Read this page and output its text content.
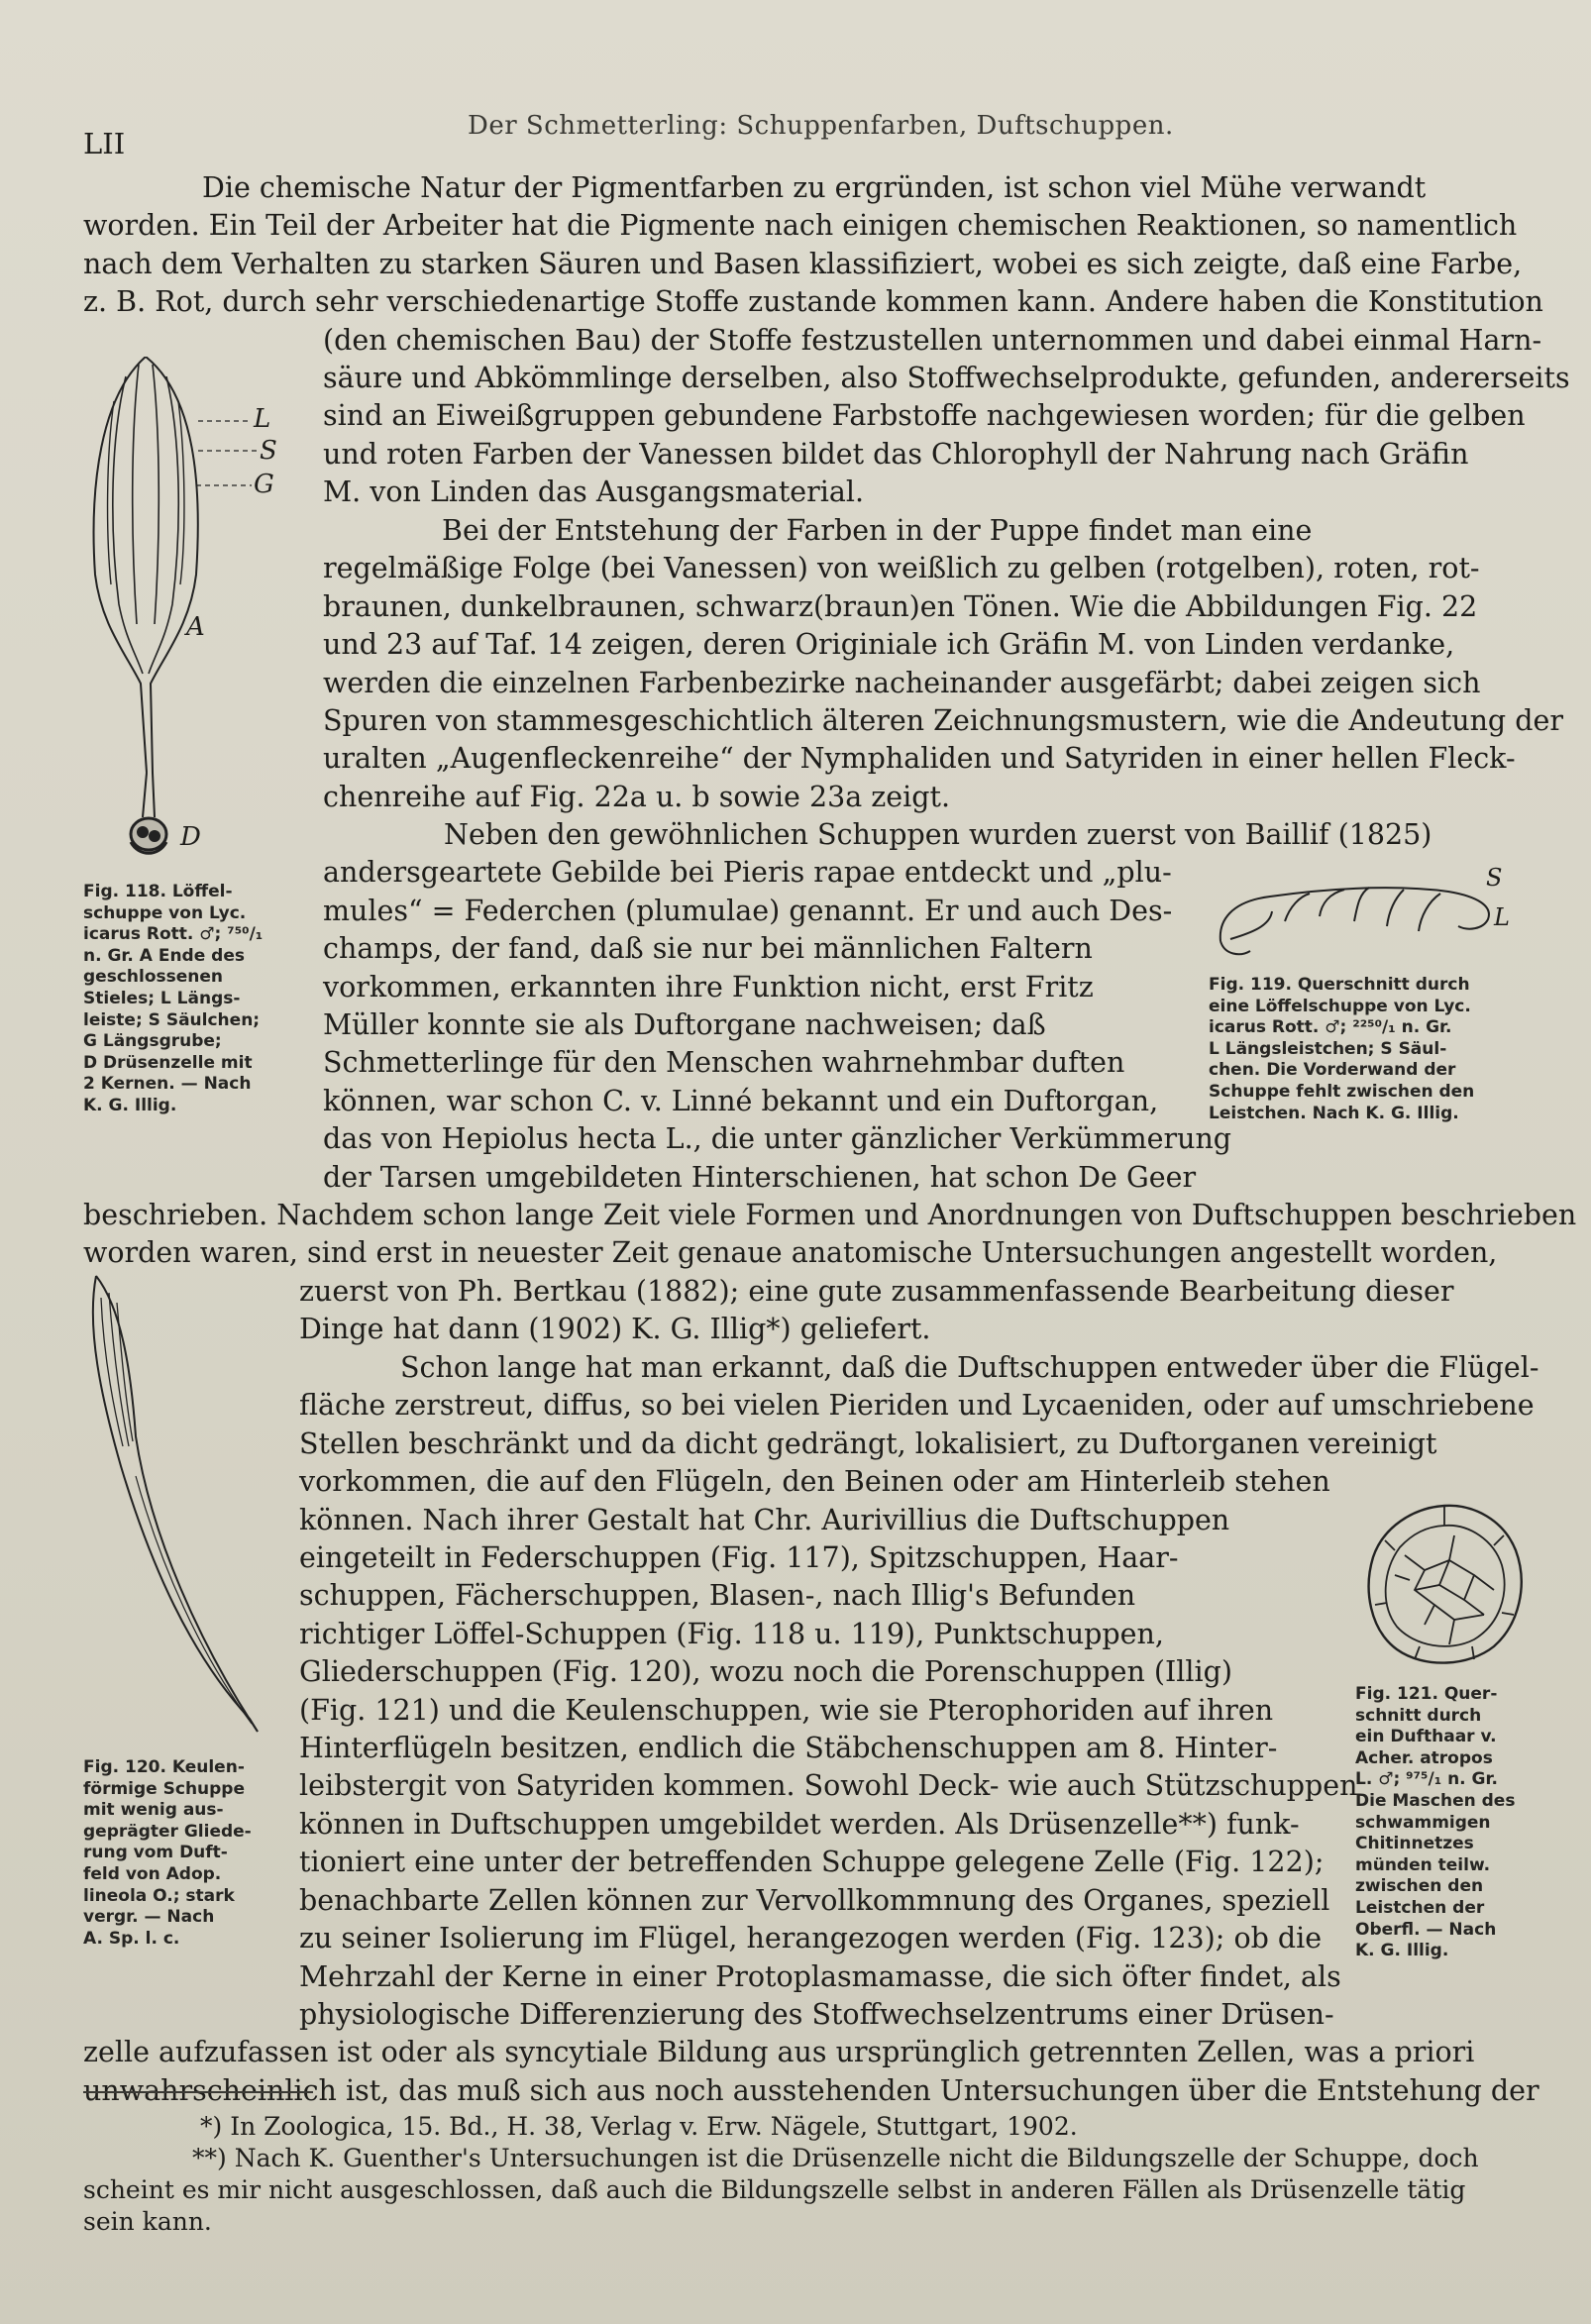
LII
Der Schmetterling: Schuppenfarben, Duftschuppen.
Die chemische Natur der Pigmentfarben zu ergründen, ist schon viel Mühe verwandt
worden. Ein Teil der Arbeiter hat die Pigmente nach einigen chemischen Reaktionen, so namentlich
nach dem Verhalten zu starken Säuren und Basen klassifiziert, wobei es sich zeigte, daß eine Farbe,
z. B. Rot, durch sehr verschiedenartige Stoffe zustande kommen kann. Andere haben die Konstitution
(den chemischen Bau) der Stoffe festzustellen unternommen und dabei einmal Harn-
säure und Abkömmlinge derselben, also Stoffwechselprodukte, gefunden, andererseits
sind an Eiweißgruppen gebundene Farbstoffe nachgewiesen worden; für die gelben
und roten Farben der Vanessen bildet das Chlorophyll der Nahrung nach Gräfin
M. von Linden das Ausgangsmaterial.
Bei der Entstehung der Farben in der Puppe findet man eine
regelmäßige Folge (bei Vanessen) von weißlich zu gelben (rotgelben), roten, rot-
braunen, dunkelbraunen, schwarz(braun)en Tönen. Wie die Abbildungen Fig. 22
und 23 auf Taf. 14 zeigen, deren Originiale ich Gräfin M. von Linden verdanke,
werden die einzelnen Farbenbezirke nacheinander ausgefärbt; dabei zeigen sich
Spuren von stammesgeschichtlich älteren Zeichnungsmustern, wie die Andeutung der
uralten „Augenfleckenreihe“ der Nymphaliden und Satyriden in einer hellen Fleck-
chenreihe auf Fig. 22a u. b sowie 23a zeigt.
Neben den gewöhnlichen Schuppen wurden zuerst von Baillif (1825)
andersgeartete Gebilde bei Pieris rapae entdeckt und „plu-
mules“ = Federchen (plumulae) genannt. Er und auch Des-
champs, der fand, daß sie nur bei männlichen Faltern
vorkommen, erkannten ihre Funktion nicht, erst Fritz
Müller konnte sie als Duftorgane nachweisen; daß
Schmetterlinge für den Menschen wahrnehmbar duften
können, war schon C. v. Linné bekannt und ein Duftorgan,
das von Hepiolus hecta L., die unter gänzlicher Verkümmerung
der Tarsen umgebildeten Hinterschienen, hat schon De Geer
beschrieben. Nachdem schon lange Zeit viele Formen und Anordnungen von Duftschuppen beschrieben
worden waren, sind erst in neuester Zeit genaue anatomische Untersuchungen angestellt worden,
zuerst von Ph. Bertkau (1882); eine gute zusammenfassende Bearbeitung dieser
Dinge hat dann (1902) K. G. Illig*) geliefert.
Schon lange hat man erkannt, daß die Duftschuppen entweder über die Flügel-
fläche zerstreut, diffus, so bei vielen Pieriden und Lycaeniden, oder auf umschriebene
Stellen beschränkt und da dicht gedrängt, lokalisiert, zu Duftorganen vereinigt
vorkommen, die auf den Flügeln, den Beinen oder am Hinterleib stehen
können. Nach ihrer Gestalt hat Chr. Aurivillius die Duftschuppen
eingeteilt in Federschuppen (Fig. 117), Spitzschuppen, Haar-
schuppen, Fächerschuppen, Blasen-, nach Illig's Befunden
richtiger Löffel-Schuppen (Fig. 118 u. 119), Punktschuppen,
Gliederschuppen (Fig. 120), wozu noch die Porenschuppen (Illig)
(Fig. 121) und die Keulenschuppen, wie sie Pterophoriden auf ihren
Hinterflügeln besitzen, endlich die Stäbchenschuppen am 8. Hinter-
leibstergit von Satyriden kommen. Sowohl Deck- wie auch Stützschuppen
können in Duftschuppen umgebildet werden. Als Drüsenzelle**) funk-
tioniert eine unter der betreffenden Schuppe gelegene Zelle (Fig. 122);
benachbarte Zellen können zur Vervollkommnung des Organes, speziell
zu seiner Isolierung im Flügel, herangezogen werden (Fig. 123); ob die
Mehrzahl der Kerne in einer Protoplasmamasse, die sich öfter findet, als
physiologische Differenzierung des Stoffwechselzentrums einer Drüsen-
zelle aufzufassen ist oder als syncytiale Bildung aus ursprünglich getrennten Zellen, was a priori
unwahrscheinlich ist, das muß sich aus noch ausstehenden Untersuchungen über die Entstehung der
L
S
G
A
D
Fig. 118. Löffel-
schuppe von Lyc.
icarus Rott. ♂; ⁷⁵⁰/₁
n. Gr. A Ende des
geschlossenen
Stieles; L Längs-
leiste; S Säulchen;
G Längsgrube;
D Drüsenzelle mit
2 Kernen. — Nach
K. G. Illig.
S
L
Fig. 119. Querschnitt durch
eine Löffelschuppe von Lyc.
icarus Rott. ♂; ²²⁵⁰/₁ n. Gr.
L Längsleistchen; S Säul-
chen. Die Vorderwand der
Schuppe fehlt zwischen den
Leistchen. Nach K. G. Illig.
Fig. 120. Keulen-
förmige Schuppe
mit wenig aus-
geprägter Gliede-
rung vom Duft-
feld von Adop.
lineola O.; stark
vergr. — Nach
A. Sp. l. c.
Fig. 121. Quer-
schnitt durch
ein Dufthaar v.
Acher. atropos
L. ♂; ⁹⁷⁵/₁ n. Gr.
Die Maschen des
schwammigen
Chitinnetzes
münden teilw.
zwischen den
Leistchen der
Oberfl. — Nach
K. G. Illig.
*) In Zoologica, 15. Bd., H. 38, Verlag v. Erw. Nägele, Stuttgart, 1902.
**) Nach K. Guenther's Untersuchungen ist die Drüsenzelle nicht die Bildungszelle der Schuppe, doch
scheint es mir nicht ausgeschlossen, daß auch die Bildungszelle selbst in anderen Fällen als Drüsenzelle tätig
sein kann.
